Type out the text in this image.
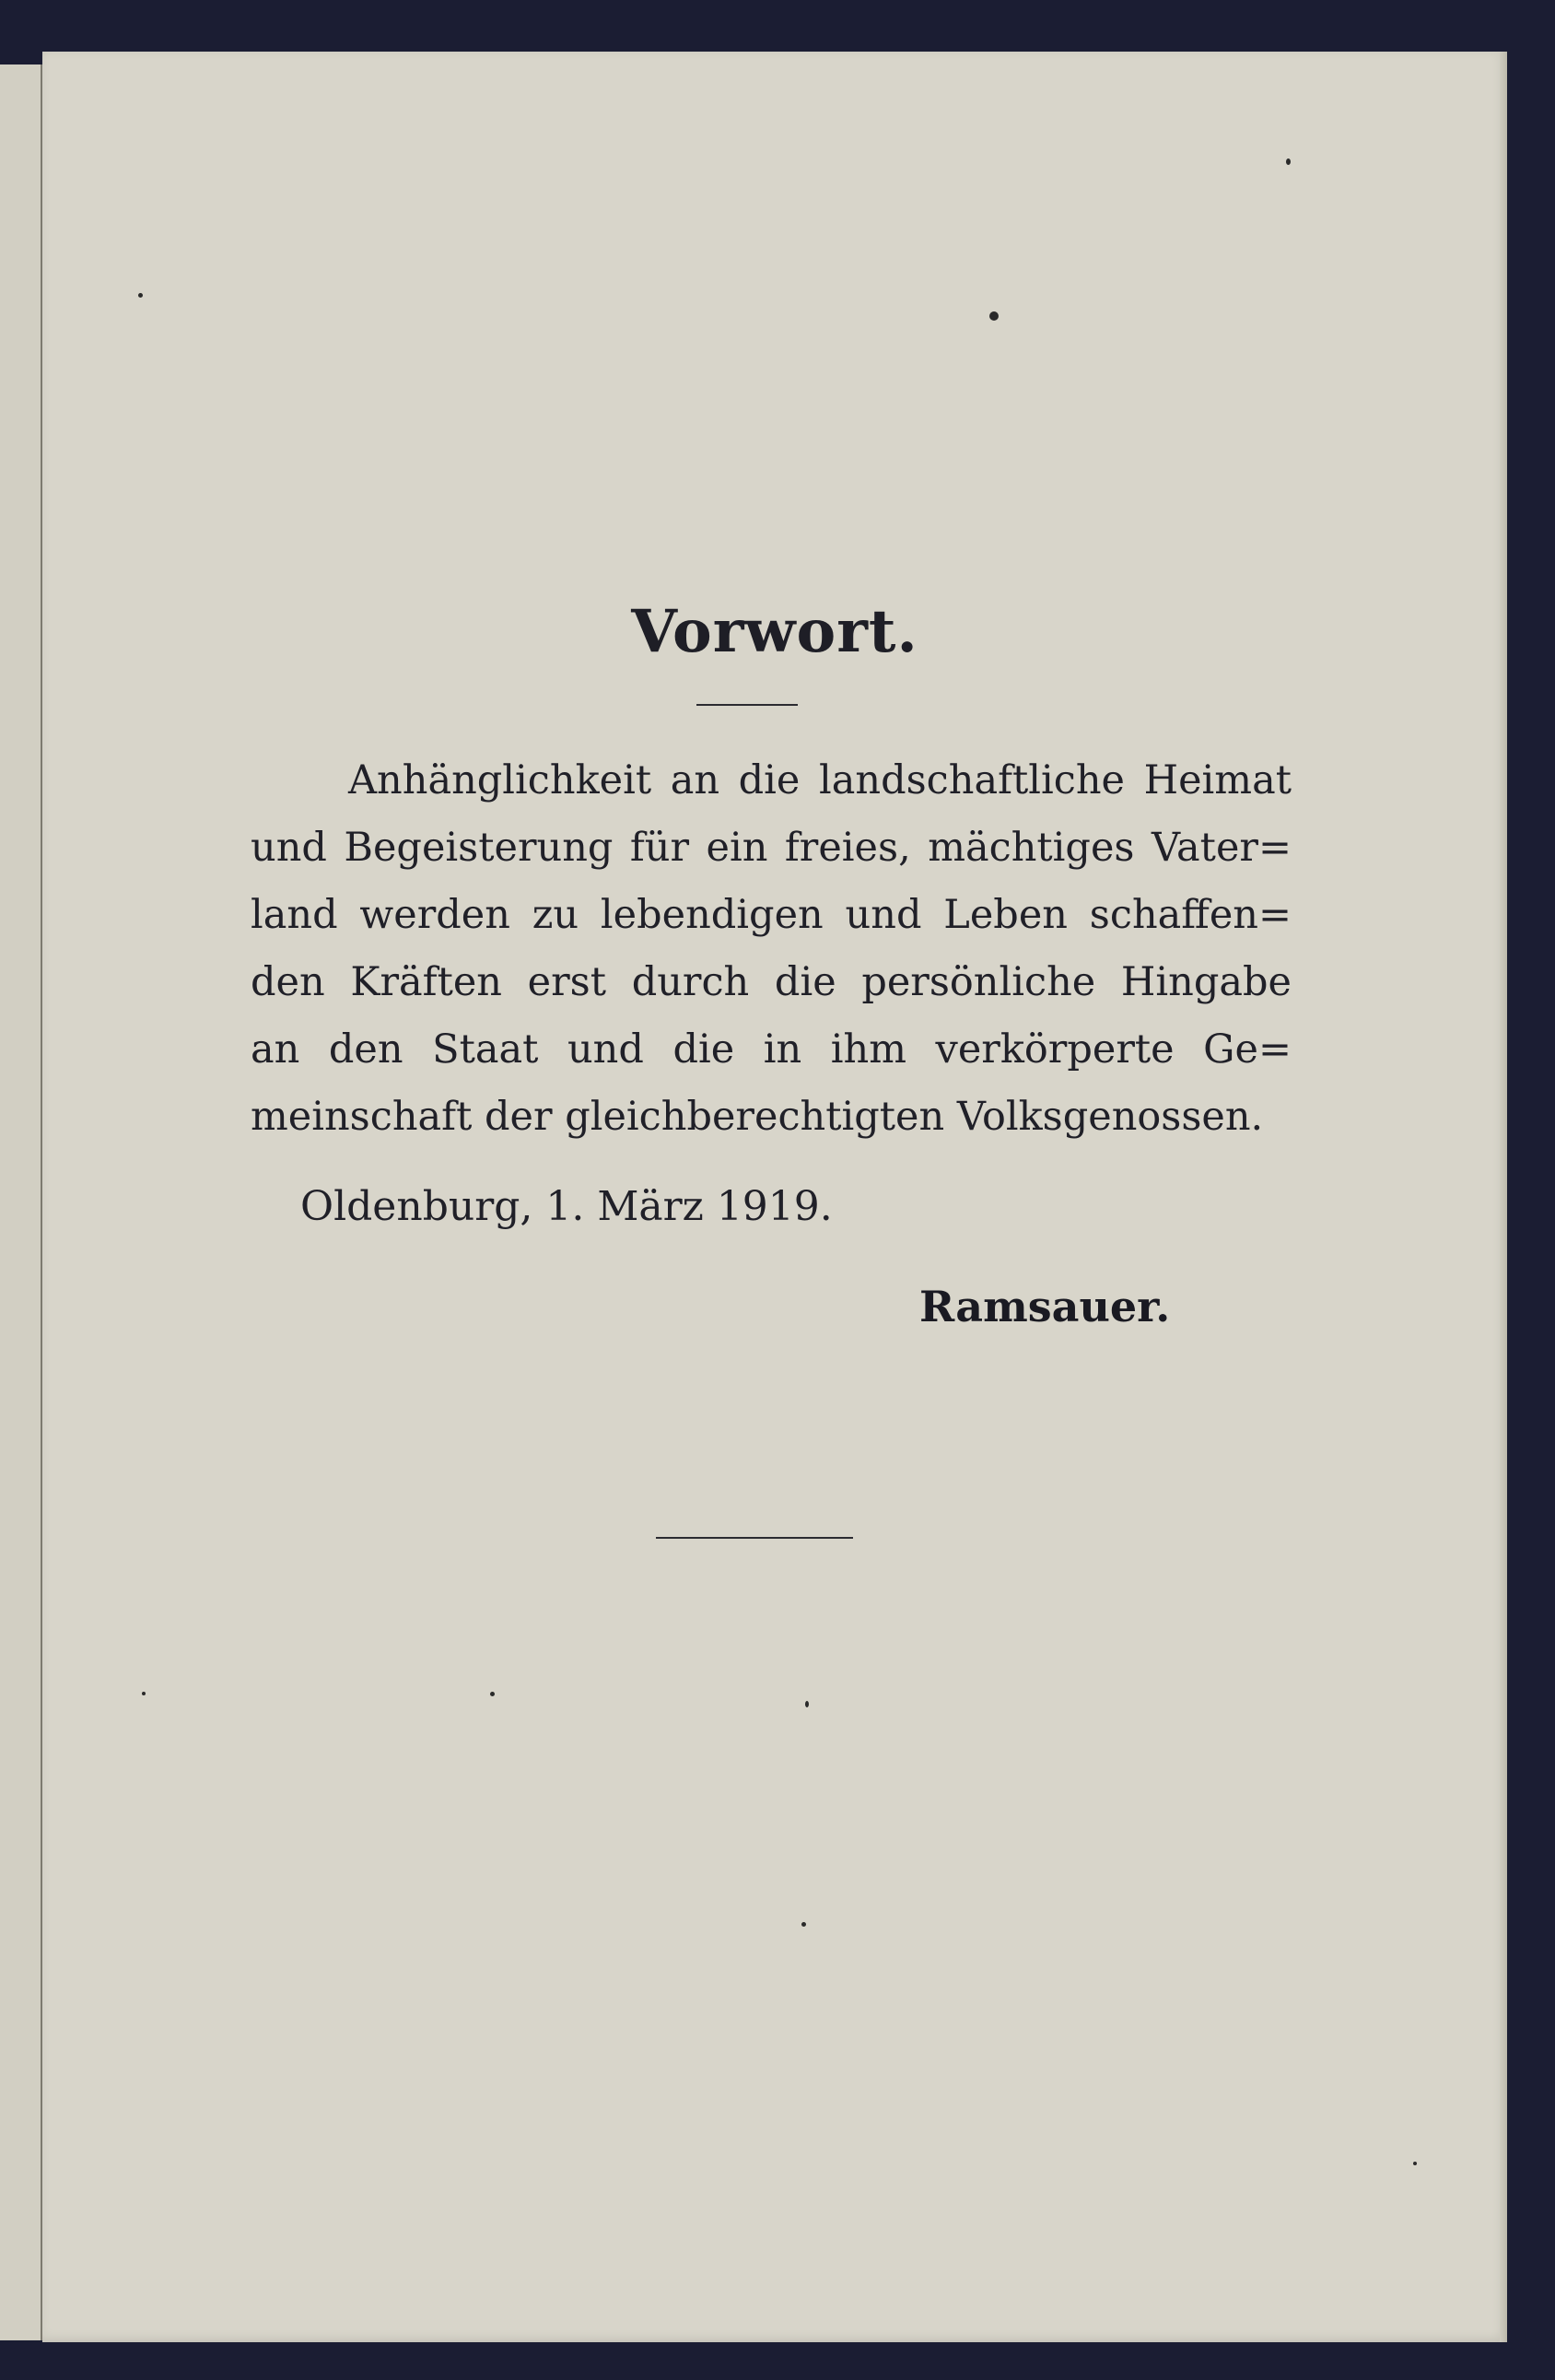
Vorwort.
Anhänglichkeit an die landschaftliche Heimat
und Begeisterung für ein freies, mächtiges Vater=
land werden zu lebendigen und Leben schaffen=
den Kräften erst durch die persönliche Hingabe
an den Staat und die in ihm verkörperte Ge=
meinschaft der gleichberechtigten Volksgenossen.
Oldenburg, 1. März 1919.
Ramsauer.
